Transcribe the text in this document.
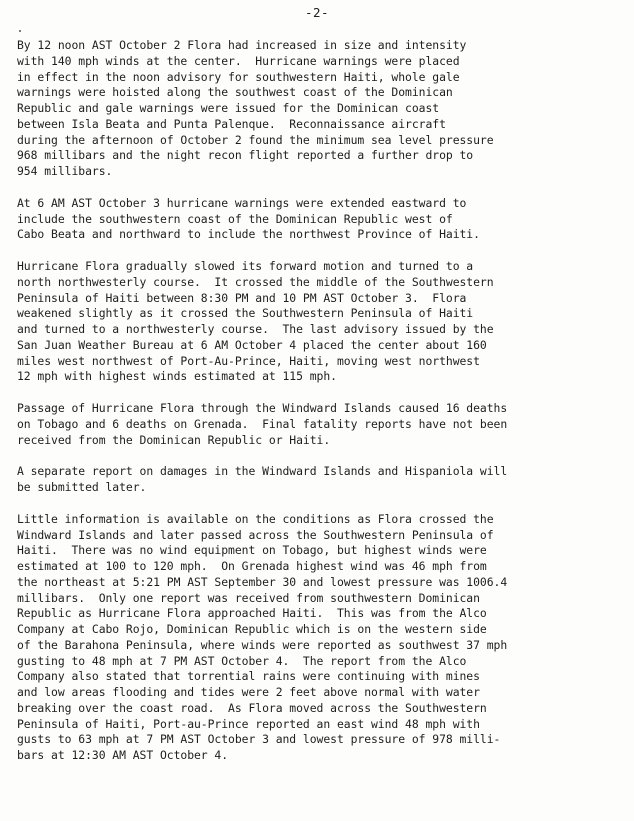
-2-
By 12 noon AST October 2 Flora had increased in size and intensity
with 140 mph winds at the center.  Hurricane warnings were placed
in effect in the noon advisory for southwestern Haiti, whole gale
warnings were hoisted along the southwest coast of the Dominican
Republic and gale warnings were issued for the Dominican coast
between Isla Beata and Punta Palenque.  Reconnaissance aircraft
during the afternoon of October 2 found the minimum sea level pressure
968 millibars and the night recon flight reported a further drop to
954 millibars.
At 6 AM AST October 3 hurricane warnings were extended eastward to
include the southwestern coast of the Dominican Republic west of
Cabo Beata and northward to include the northwest Province of Haiti.
Hurricane Flora gradually slowed its forward motion and turned to a
north northwesterly course.  It crossed the middle of the Southwestern
Peninsula of Haiti between 8:30 PM and 10 PM AST October 3.  Flora
weakened slightly as it crossed the Southwestern Peninsula of Haiti
and turned to a northwesterly course.  The last advisory issued by the
San Juan Weather Bureau at 6 AM October 4 placed the center about 160
miles west northwest of Port-Au-Prince, Haiti, moving west northwest
12 mph with highest winds estimated at 115 mph.
Passage of Hurricane Flora through the Windward Islands caused 16 deaths
on Tobago and 6 deaths on Grenada.  Final fatality reports have not been
received from the Dominican Republic or Haiti.
A separate report on damages in the Windward Islands and Hispaniola will
be submitted later.
Little information is available on the conditions as Flora crossed the
Windward Islands and later passed across the Southwestern Peninsula of
Haiti.  There was no wind equipment on Tobago, but highest winds were
estimated at 100 to 120 mph.  On Grenada highest wind was 46 mph from
the northeast at 5:21 PM AST September 30 and lowest pressure was 1006.4
millibars.  Only one report was received from southwestern Dominican
Republic as Hurricane Flora approached Haiti.  This was from the Alco
Company at Cabo Rojo, Dominican Republic which is on the western side
of the Barahona Peninsula, where winds were reported as southwest 37 mph
gusting to 48 mph at 7 PM AST October 4.  The report from the Alco
Company also stated that torrential rains were continuing with mines
and low areas flooding and tides were 2 feet above normal with water
breaking over the coast road.  As Flora moved across the Southwestern
Peninsula of Haiti, Port-au-Prince reported an east wind 48 mph with
gusts to 63 mph at 7 PM AST October 3 and lowest pressure of 978 milli-
bars at 12:30 AM AST October 4.
